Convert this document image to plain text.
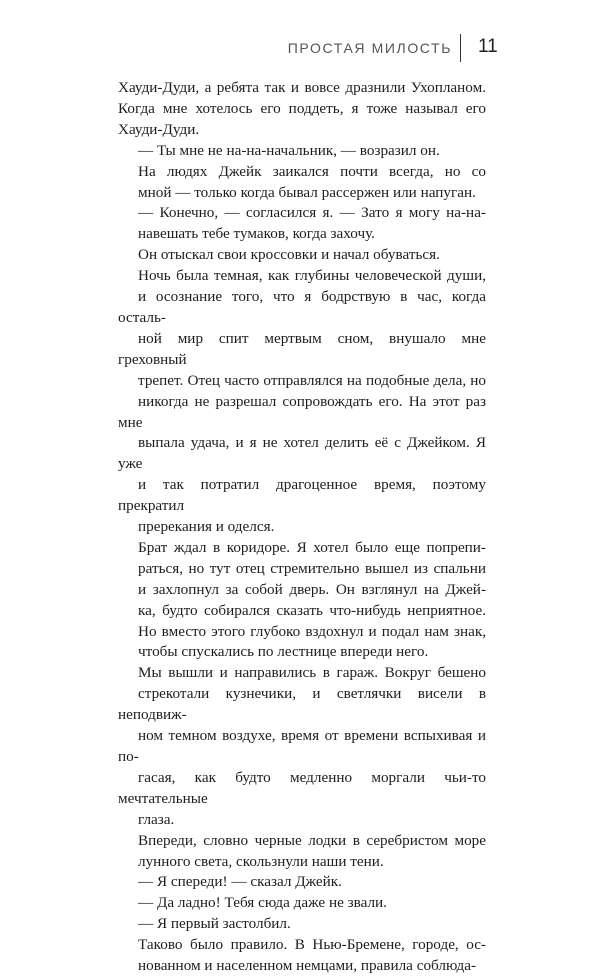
ПРОСТАЯ МИЛОСТЬ 11

Хауди-Дуди, а ребята так и вовсе дразнили Ухопланом.
Когда мне хотелось его поддеть, я тоже называл его
Хауди-Дуди.

— Ты мне не на-на-начальник, — возразил он.

На людях Джейк заикался почти всегда, но со
мной — только когда бывал рассержен или напуган.

— Конечно, — согласился я. — Зато я могу на-на-
навешать тебе тумаков, когда захочу.

Он отыскал свои кроссовки и начал обуваться.

Ночь была темная, как глубины человеческой души,
и осознание того, что я бодрствую в час, когда осталь-
ной мир спит мертвым сном, внушало мне греховный
трепет. Отец часто отправлялся на подобные дела, но
никогда не разрешал сопровождать его. На этот раз мне
выпала удача, и я не хотел делить её с Джейком. Я уже
и так потратил драгоценное время, поэтому прекратил
пререкания и оделся.

Брат ждал в коридоре. Я хотел было еще попрепи-
раться, но тут отец стремительно вышел из спальни
и захлопнул за собой дверь. Он взглянул на Джей-
ка, будто собирался сказать что-нибудь неприятное.
Но вместо этого глубоко вздохнул и подал нам знак,
чтобы спускались по лестнице впереди него.

Мы вышли и направились в гараж. Вокруг бешено
стрекотали кузнечики, и светлячки висели в неподвиж-
ном темном воздухе, время от времени вспыхивая и по-
гасая, как будто медленно моргали чьи-то мечтательные
глаза.

Впереди, словно черные лодки в серебристом море
лунного света, скользнули наши тени.

— Я спереди! — сказал Джейк.

— Да ладно! Тебя сюда даже не звали.

— Я первый застолбил.

Таково было правило. В Нью-Бремене, городе, ос-
нованном и населенном немцами, правила соблюда-
